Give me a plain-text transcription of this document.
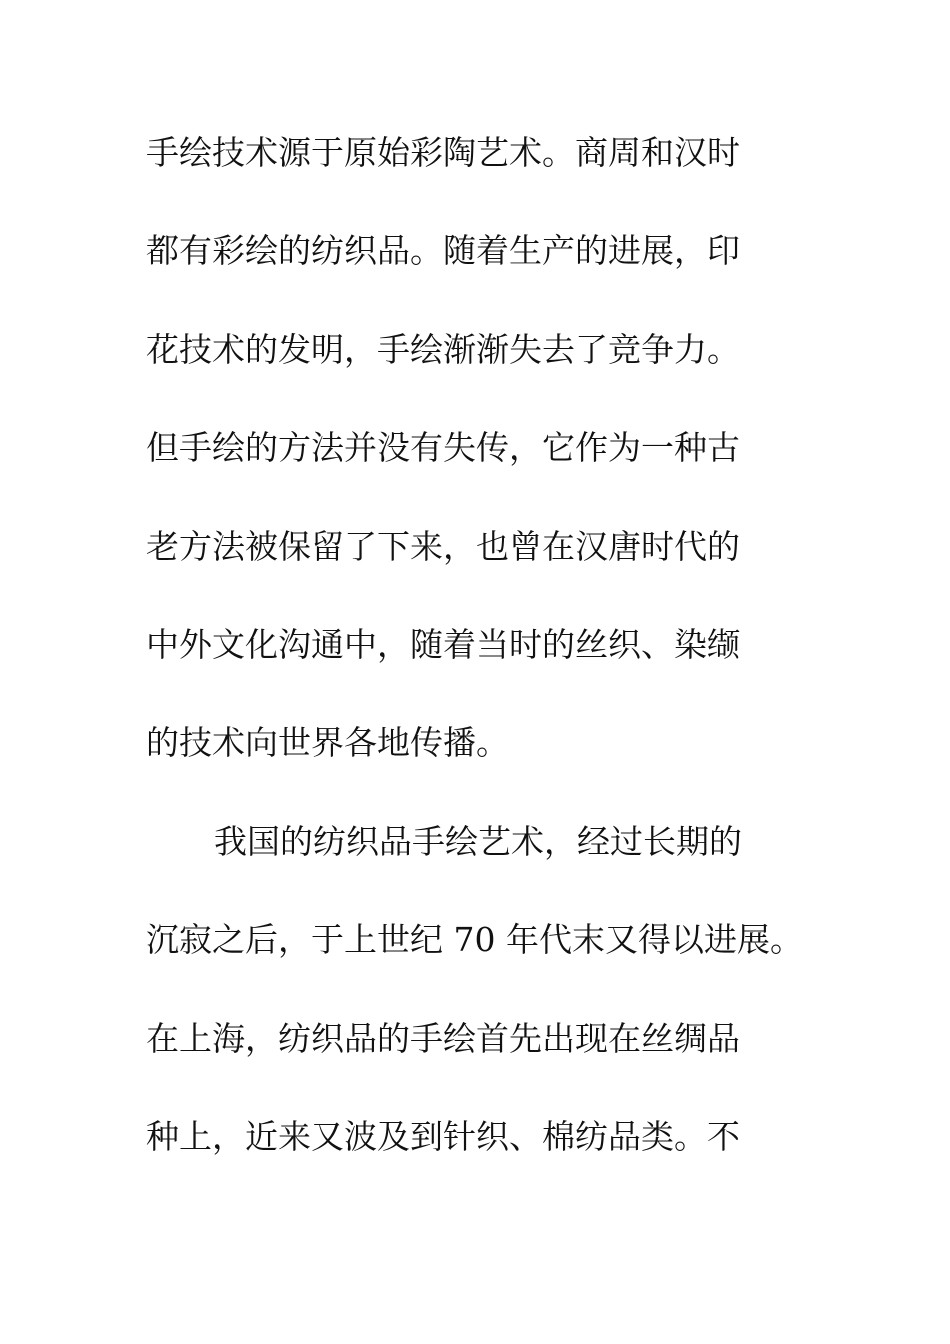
手绘技术源于原始彩陶艺术。商周和汉时
都有彩绘的纺织品。随着生产的进展，印
花技术的发明，手绘渐渐失去了竞争力。
但手绘的方法并没有失传，它作为一种古
老方法被保留了下来，也曾在汉唐时代的
中外文化沟通中，随着当时的丝织、染缬
的技术向世界各地传播。
我国的纺织品手绘艺术，经过长期的
沉寂之后，于上世纪 70 年代末又得以进展。
在上海，纺织品的手绘首先出现在丝绸品
种上，近来又波及到针织、棉纺品类。不
